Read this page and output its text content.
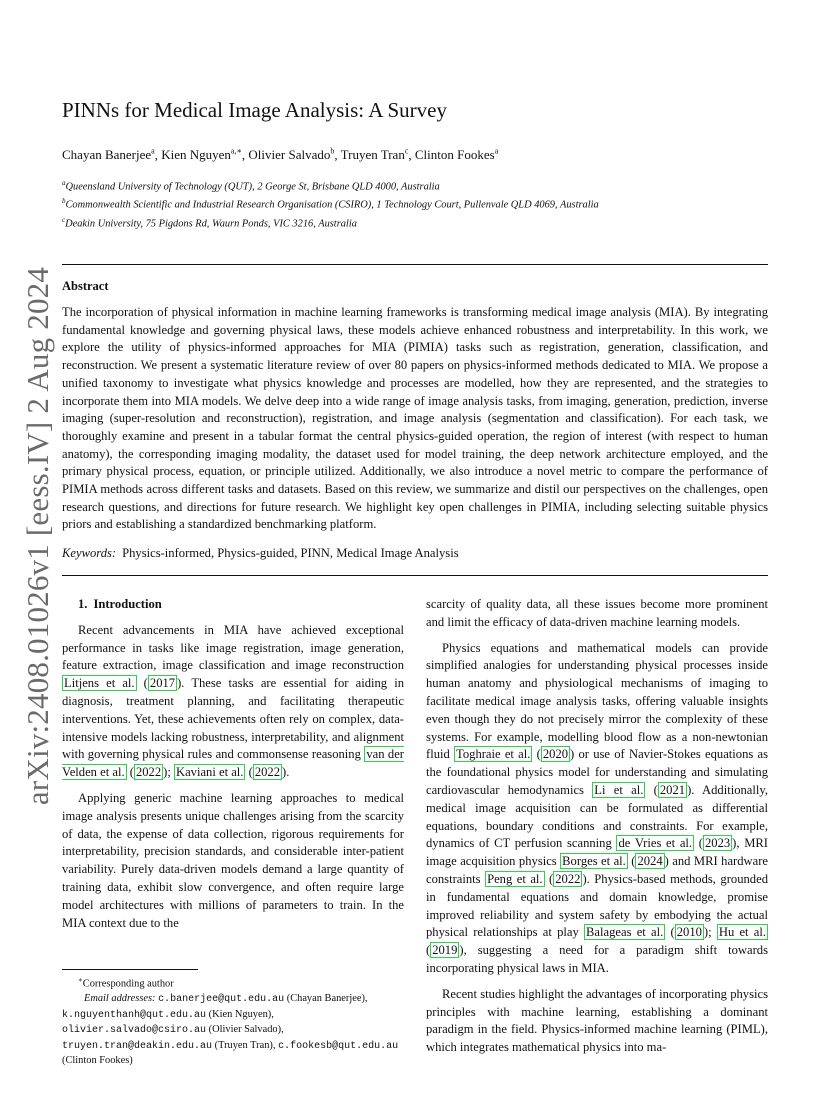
arXiv:2408.01026v1 [eess.IV] 2 Aug 2024
PINNs for Medical Image Analysis: A Survey
Chayan Banerjee$^a$, Kien Nguyen$^{a,∗}$, Olivier Salvado$^b$, Truyen Tran$^c$, Clinton Fookes$^a$
$^a$Queensland University of Technology (QUT), 2 George St, Brisbane QLD 4000, Australia
$^b$Commonwealth Scientific and Industrial Research Organisation (CSIRO), 1 Technology Court, Pullenvale QLD 4069, Australia
$^c$Deakin University, 75 Pigdons Rd, Waurn Ponds, VIC 3216, Australia
Abstract
The incorporation of physical information in machine learning frameworks is transforming medical image analysis (MIA). By integrating fundamental knowledge and governing physical laws, these models achieve enhanced robustness and interpretability. In this work, we explore the utility of physics-informed approaches for MIA (PIMIA) tasks such as registration, generation, classification, and reconstruction. We present a systematic literature review of over 80 papers on physics-informed methods dedicated to MIA. We propose a unified taxonomy to investigate what physics knowledge and processes are modelled, how they are represented, and the strategies to incorporate them into MIA models. We delve deep into a wide range of image analysis tasks, from imaging, generation, prediction, inverse imaging (super-resolution and reconstruction), registration, and image analysis (segmentation and classification). For each task, we thoroughly examine and present in a tabular format the central physics-guided operation, the region of interest (with respect to human anatomy), the corresponding imaging modality, the dataset used for model training, the deep network architecture employed, and the primary physical process, equation, or principle utilized. Additionally, we also introduce a novel metric to compare the performance of PIMIA methods across different tasks and datasets. Based on this review, we summarize and distil our perspectives on the challenges, open research questions, and directions for future research. We highlight key open challenges in PIMIA, including selecting suitable physics priors and establishing a standardized benchmarking platform.
Keywords: Physics-informed, Physics-guided, PINN, Medical Image Analysis

1. Introduction

Recent advancements in MIA have achieved exceptional performance in tasks like image registration, image generation, feature extraction, image classification and image reconstruction Litjens et al. ( 2017 ). These tasks are essential for aiding in diagnosis, treatment planning, and facilitating therapeutic interventions. Yet, these achievements often rely on complex, data-intensive models lacking robustness, interpretability, and alignment with governing physical rules and commonsense reasoning van der Velden et al. ( 2022 ); Kaviani et al. ( 2022 ).

Applying generic machine learning approaches to medical image analysis presents unique challenges arising from the scarcity of data, the expense of data collection, rigorous requirements for interpretability, precision standards, and considerable inter-patient variability. Purely data-driven models demand a large quantity of training data, exhibit slow convergence, and often require large model architectures with millions of parameters to train. In the MIA context due to the

scarcity of quality data, all these issues become more prominent and limit the efficacy of data-driven machine learning models.

Physics equations and mathematical models can provide simplified analogies for understanding physical processes inside human anatomy and physiological mechanisms of imaging to facilitate medical image analysis tasks, offering valuable insights even though they do not precisely mirror the complexity of these systems. For example, modelling blood flow as a non-newtonian fluid Toghraie et al. ( 2020 ) or use of Navier-Stokes equations as the foundational physics model for understanding and simulating cardiovascular hemodynamics Li et al. ( 2021 ). Additionally, medical image acquisition can be formulated as differential equations, boundary conditions and constraints. For example, dynamics of CT perfusion scanning de Vries et al. ( 2023 ), MRI image acquisition physics Borges et al. ( 2024 ) and MRI hardware constraints Peng et al. ( 2022 ). Physics-based methods, grounded in fundamental equations and domain knowledge, promise improved reliability and system safety by embodying the actual physical relationships at play Balageas et al. ( 2010 ); Hu et al. ( 2019 ), suggesting a need for a paradigm shift towards incorporating physical laws in MIA.

Recent studies highlight the advantages of incorporating physics principles with machine learning, establishing a dominant paradigm in the field. Physics-informed machine learning (PIML), which integrates mathematical physics into ma-

∗Corresponding author
Email addresses: c.banerjee@qut.edu.au (Chayan Banerjee),
k.nguyenthanh@qut.edu.au (Kien Nguyen),
olivier.salvado@csiro.au (Olivier Salvado),
truyen.tran@deakin.edu.au (Truyen Tran), c.fookesb@qut.edu.au (Clinton Fookes)
